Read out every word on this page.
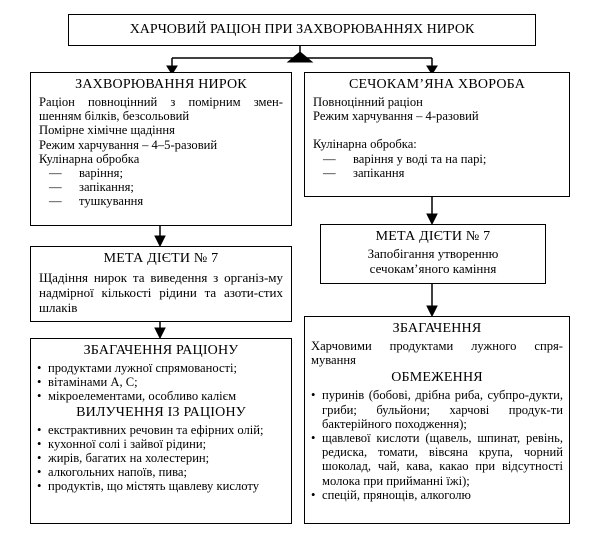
ХАРЧОВИЙ РАЦІОН ПРИ ЗАХВОРЮВАННЯХ НИРОК
ЗАХВОРЮВАННЯ НИРОК
Раціон повноцінний з помірним змен-шенням білків, безсольовий
Помірне хімічне щадіння
Режим харчування – 4–5-разовий
Кулінарна обробка
— варіння;
— запікання;
— тушкування
МЕТА ДІЄТИ № 7
Щадіння нирок та виведення з організ-му надмірної кількості рідини та азоти-стих шлаків
ЗБАГАЧЕННЯ РАЦІОНУ
• продуктами лужної спрямованості;
• вітамінами А, С;
• мікроелементами, особливо калієм
ВИЛУЧЕННЯ ІЗ РАЦІОНУ
• екстрактивних речовин та ефірних олій;
• кухонної солі і зайвої рідини;
• жирів, багатих на холестерин;
• алкогольних напоїв, пива;
• продуктів, що містять щавлеву кислоту
СЕЧОКАМ’ЯНА ХВОРОБА
Повноцінний раціон
Режим харчування – 4-разовий
Кулінарна обробка:
— варіння у воді та на парі;
— запікання
МЕТА ДІЄТИ № 7
Запобігання утворенню
сечокам’яного каміння
ЗБАГАЧЕННЯ
Харчовими продуктами лужного спря-мування
ОБМЕЖЕННЯ
• пуринів (бобові, дрібна риба, субпро-дукти, гриби; бульйони; харчові продук-ти бактерійного походження);
• щавлевої кислоти (щавель, шпинат, ревінь, редиска, томати, вівсяна крупа, чорний шоколад, чай, кава, какао при відсутності молока при прийманні їжі);
• спецій, прянощів, алкоголю
